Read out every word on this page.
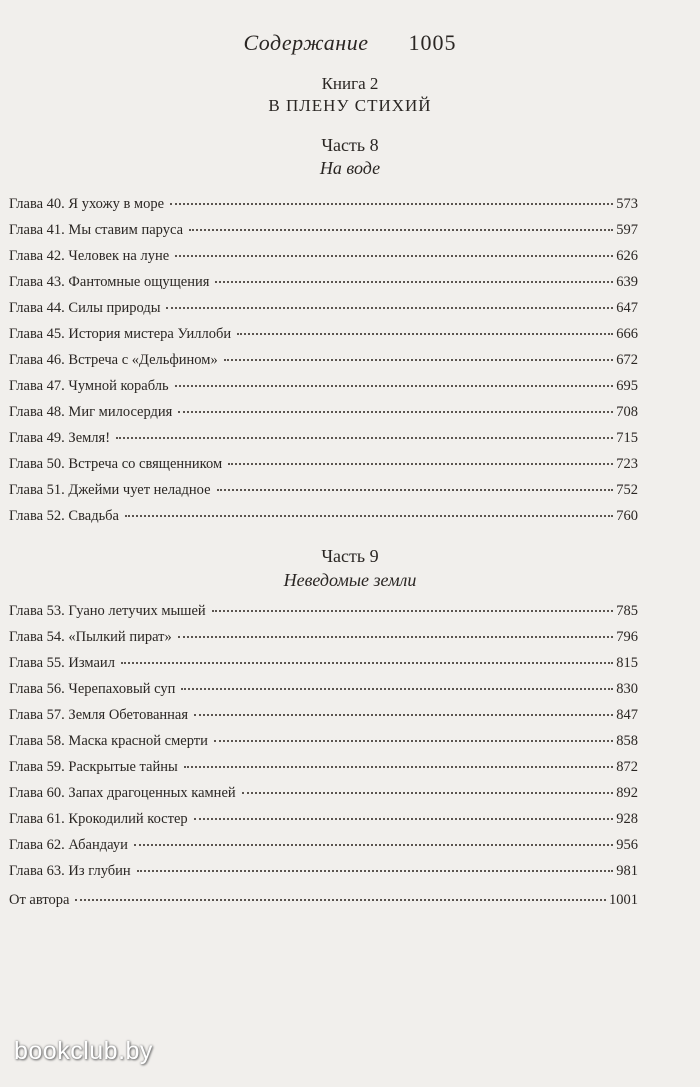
Содержание 1005
Книга 2
В ПЛЕНУ СТИХИЙ
Часть 8
На воде
Глава 40. Я ухожу в море	573
Глава 41. Мы ставим паруса	597
Глава 42. Человек на луне	626
Глава 43. Фантомные ощущения	639
Глава 44. Силы природы	647
Глава 45. История мистера Уиллоби	666
Глава 46. Встреча с «Дельфином»	672
Глава 47. Чумной корабль	695
Глава 48. Миг милосердия	708
Глава 49. Земля!	715
Глава 50. Встреча со священником	723
Глава 51. Джейми чует неладное	752
Глава 52. Свадьба	760
Часть 9
Неведомые земли
Глава 53. Гуано летучих мышей	785
Глава 54. «Пылкий пират»	796
Глава 55. Измаил	815
Глава 56. Черепаховый суп	830
Глава 57. Земля Обетованная	847
Глава 58. Маска красной смерти	858
Глава 59. Раскрытые тайны	872
Глава 60. Запах драгоценных камней	892
Глава 61. Крокодилий костер	928
Глава 62. Абандауи	956
Глава 63. Из глубин	981
От автора	1001
bookclub.by
